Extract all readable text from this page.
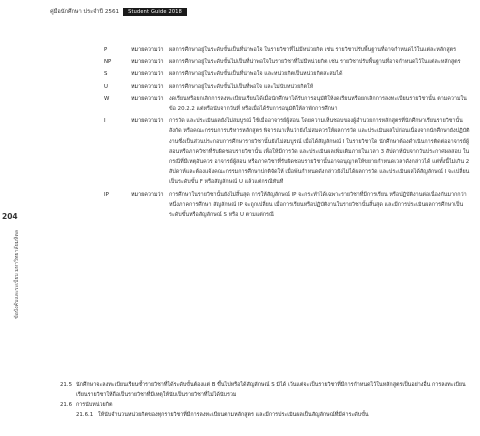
คู่มือนักศึกษา ประจำปี 2561	Student Guide 2018
204
ข้อบังคับและระเบียบ มหาวิทยาลัยมหิดล
P	หมายความว่า	ผลการศึกษาอยู่ในระดับขั้นเป็นที่น่าพอใจ ในรายวิชาที่ไม่มีหน่วยกิต เช่น รายวิชาปรับพื้นฐานที่อาจกำหนดไว้ในแต่ละหลักสูตร
NP	หมายความว่า	ผลการศึกษาอยู่ในระดับขั้นไม่เป็นที่น่าพอใจในรายวิชาที่ไม่มีหน่วยกิต เช่น รายวิชาปรับพื้นฐานที่อาจกำหนดไว้ในแต่ละหลักสูตร
S	หมายความว่า	ผลการศึกษาอยู่ในระดับขั้นเป็นที่น่าพอใจ และหน่วยกิตเป็นหน่วยกิตสะสมได้
U	หมายความว่า	ผลการศึกษาอยู่ในระดับขั้นไม่เป็นที่พอใจ และไม่นับหน่วยกิตให้
W	หมายความว่า	งดเรียนหรือยกเลิกการลงทะเบียนเรียนได้เมื่อนักศึกษาได้รับการอนุมัติให้งดเรียนหรือยกเลิกการลงทะเบียนรายวิชานั้น ตามความในข้อ 20.2.2 แต่หรือนับจากวันที่ หรือเมื่อได้รับการอนุมัติให้ลาพักการศึกษา
I	หมายความว่า	การวัด และประเมินผลยังไม่สมบูรณ์ ใช้เมื่ออาจารย์ผู้สอน โดยความเห็นชอบของผู้อำนวยการหลักสูตรที่นักศึกษาเรียนรายวิชานั้นสังกัด หรือคณะกรรมการบริหารหลักสูตร พิจารณาเห็นว่ายังไม่สมควรให้ผลการวัด และประเมินผลไปก่อนเนื่องจากนักศึกษายังปฏิบัติงานซึ่งเป็นส่วนประกอบการศึกษารายวิชานั้นยังไม่สมบูรณ์ เมื่อได้สัญลักษณ์ I ในรายวิชาใด นักศึกษาต้องดำเนินการติดต่ออาจารย์ผู้สอนหรือภาควิชาที่รับผิดชอบรายวิชานั้น เพื่อให้มีการวัด และประเมินผลเพิ่มเติมภายในเวลา 3 สัปดาห์นับจากวันประกาศผลสอบ ในกรณีที่มีเหตุอันควร อาจารย์ผู้สอน หรือภาควิชาที่รับผิดชอบรายวิชานั้นอาจอนุญาตให้ขยายกำหนดเวลาดังกล่าวได้ แต่ทั้งนี้ไม่เกิน 2 สัปดาห์และต้องแจ้งคณะกรรมการศึกษาปกติจัดให้ เมื่อพ้นกำหนดดังกล่าวยังไม่ได้ผลการวัด และประเมินผลได้สัญลักษณ์ I จะเปลี่ยนเป็นระดับขั้น F หรือสัญลักษณ์ U แล้วแต่กรณีทันที
IP	หมายความว่า	การศึกษาในรายวิชานั้นยังไม่สิ้นสุด การให้สัญลักษณ์ IP จะกระทำได้เฉพาะรายวิชาที่มีการเรียน หรือปฏิบัติงานต่อเนื่องกันมากกว่าหนึ่งภาคการศึกษา สัญลักษณ์ IP จะถูกเปลี่ยน เมื่อการเรียนหรือปฏิบัติงานในรายวิชานั้นสิ้นสุด และมีการประเมินผลการศึกษาเป็นระดับขั้นหรือสัญลักษณ์ S หรือ U ตามแต่กรณี
21.5 นักศึกษาจะลงทะเบียนเรียนซ้ำรายวิชาที่ได้ระดับขั้นต้องแต่ B ขึ้นไปหรือได้สัญลักษณ์ S มิได้ เว้นแต่จะเป็นรายวิชาที่มีการกำหนดไว้ในหลักสูตรเป็นอย่างอื่น การลงทะเบียนเรียนรายวิชาให้ถือเป็นรายวิชาที่มีเหตุให้นับเป็นรายวิชาที่ไม่ได้นับรวม
21.6 การนับหน่วยกิต
21.6.1 ให้นับจำนวนหน่วยกิตของทุกรายวิชาที่มีการลงทะเบียนตามหลักสูตร และมีการประเมินผลเป็นสัญลักษณ์ที่มีค่าระดับขั้น
